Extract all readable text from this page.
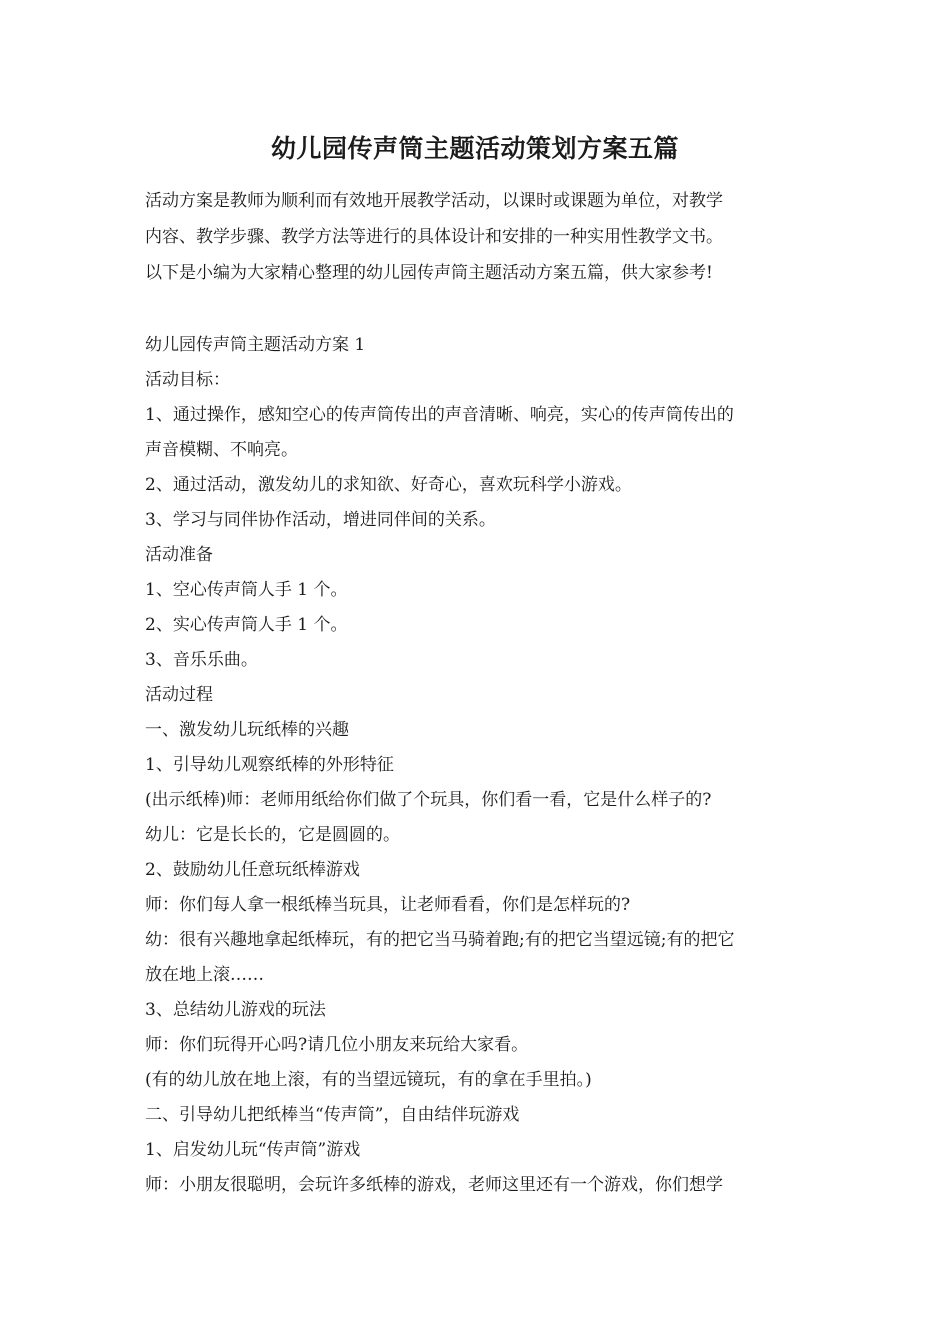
幼儿园传声筒主题活动策划方案五篇

活动方案是教师为顺利而有效地开展教学活动，以课时或课题为单位，对教学

内容、教学步骤、教学方法等进行的具体设计和安排的一种实用性教学文书。

以下是小编为大家精心整理的幼儿园传声筒主题活动方案五篇，供大家参考!

幼儿园传声筒主题活动方案 1

活动目标：

1、通过操作，感知空心的传声筒传出的声音清晰、响亮，实心的传声筒传出的

声音模糊、不响亮。

2、通过活动，激发幼儿的求知欲、好奇心，喜欢玩科学小游戏。

3、学习与同伴协作活动，增进同伴间的关系。

活动准备

1、空心传声筒人手 1 个。

2、实心传声筒人手 1 个。

3、音乐乐曲。

活动过程

一、激发幼儿玩纸棒的兴趣

1、引导幼儿观察纸棒的外形特征

(出示纸棒)师：老师用纸给你们做了个玩具，你们看一看，它是什么样子的?

幼儿：它是长长的，它是圆圆的。

2、鼓励幼儿任意玩纸棒游戏

师：你们每人拿一根纸棒当玩具，让老师看看，你们是怎样玩的?

幼：很有兴趣地拿起纸棒玩，有的把它当马骑着跑;有的把它当望远镜;有的把它

放在地上滚……

3、总结幼儿游戏的玩法

师：你们玩得开心吗?请几位小朋友来玩给大家看。

(有的幼儿放在地上滚，有的当望远镜玩，有的拿在手里拍。)

二、引导幼儿把纸棒当“传声筒”，自由结伴玩游戏

1、启发幼儿玩“传声筒”游戏

师：小朋友很聪明，会玩许多纸棒的游戏，老师这里还有一个游戏，你们想学
